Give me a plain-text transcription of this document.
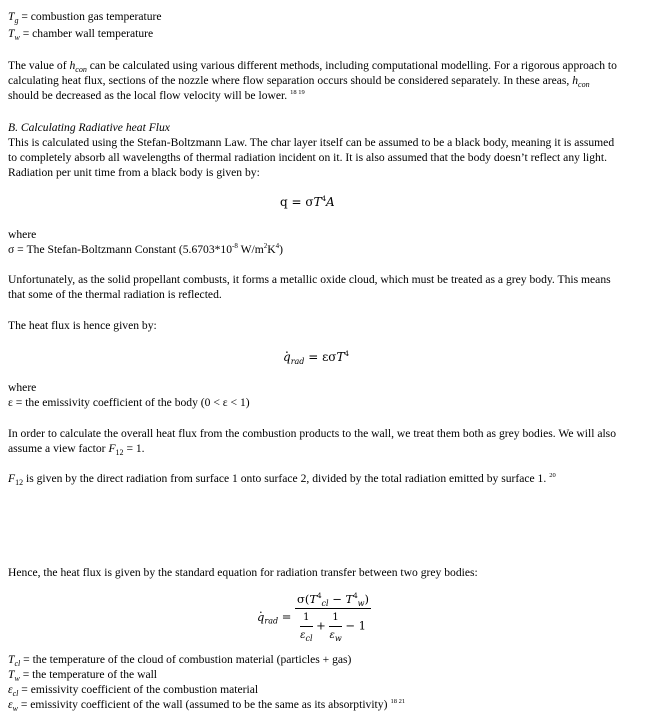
$T_g$ = combustion gas temperature
$T_w$ = chamber wall temperature
The value of $h_{con}$ can be calculated using various different methods, including computational modelling. For a rigorous approach to
calculating heat flux, sections of the nozzle where flow separation occurs should be considered separately. In these areas, $h_{con}$
should be decreased as the local flow velocity will be lower. $^{18 19}$
B. Calculating Radiative heat Flux
This is calculated using the Stefan-Boltzmann Law. The char layer itself can be assumed to be a black body, meaning it is assumed
to completely absorb all wavelengths of thermal radiation incident on it. It is also assumed that the body doesn’t reflect any light.
Radiation per unit time from a black body is given by:
$q = \sigma T^4A$
where
σ = The Stefan-Boltzmann Constant ($5.6703*10^{-8}$ $W/m^2K^4$)
Unfortunately, as the solid propellant combusts, it forms a metallic oxide cloud, which must be treated as a grey body. This means
that some of the thermal radiation is reflected.
The heat flux is hence given by:
. $q_{rad} = \varepsilon\sigma T^4$
where
ε = the emissivity coefficient of the body (0 < ε < 1)
In order to calculate the overall heat flux from the combustion products to the wall, we treat them both as grey bodies. We will also
assume a view factor $F_{12} = 1$.
$F_{12}$ is given by the direct radiation from surface 1 onto surface 2, divided by the total radiation emitted by surface 1. $^{20}$
Hence, the heat flux is given by the standard equation for radiation transfer between two grey bodies:
. $q_{rad} = \frac{\sigma(T^4_{cl} - T^4_w)}{\frac{1}{\varepsilon_{cl}} + \frac{1}{\varepsilon_w} - 1}$
$T_{cl}$ = the temperature of the cloud of combustion material (particles + gas)
$T_w$ = the temperature of the wall
$\varepsilon_{cl}$ = emissivity coefficient of the combustion material
$\varepsilon_w$ = emissivity coefficient of the wall (assumed to be the same as its absorptivity) $^{18 21}$
